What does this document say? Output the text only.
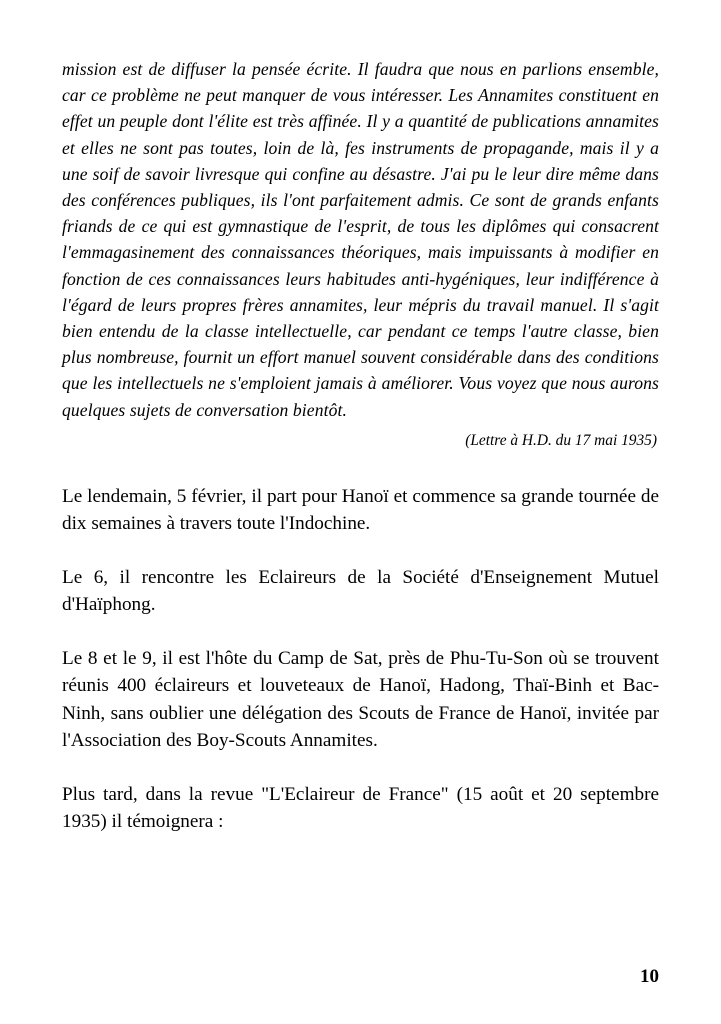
mission est de diffuser la pensée écrite. Il faudra que nous en parlions ensemble, car ce problème ne peut manquer de vous intéresser. Les Annamites constituent en effet un peuple dont l'élite est très affinée. Il y a quantité de publications annamites et elles ne sont pas toutes, loin de là, fes instruments de propagande, mais il y a une soif de savoir livresque qui confine au désastre. J'ai pu le leur dire même dans des conférences publiques, ils l'ont parfaitement admis. Ce sont de grands enfants friands de ce qui est gymnastique de l'esprit, de tous les diplômes qui consacrent l'emmagasinement des connaissances théoriques, mais impuissants à modifier en fonction de ces connaissances leurs habitudes anti-hygéniques, leur indifférence à l'égard de leurs propres frères annamites, leur mépris du travail manuel. Il s'agit bien entendu de la classe intellectuelle, car pendant ce temps l'autre classe, bien plus nombreuse, fournit un effort manuel souvent considérable dans des conditions que les intellectuels ne s'emploient jamais à améliorer. Vous voyez que nous aurons quelques sujets de conversation bientôt.

(Lettre à H.D. du 17 mai 1935)

Le lendemain, 5 février, il part pour Hanoï et commence sa grande tournée de dix semaines à travers toute l'Indochine.

Le 6, il rencontre les Eclaireurs de la Société d'Enseignement Mutuel d'Haïphong.

Le 8 et le 9, il est l'hôte du Camp de Sat, près de Phu-Tu-Son où se trouvent réunis 400 éclaireurs et louveteaux de Hanoï, Hadong, Thaï-Binh et Bac-Ninh, sans oublier une délégation des Scouts de France de Hanoï, invitée par l'Association des Boy-Scouts Annamites.

Plus tard, dans la revue "L'Eclaireur de France" (15 août et 20 septembre 1935) il témoignera :

10
